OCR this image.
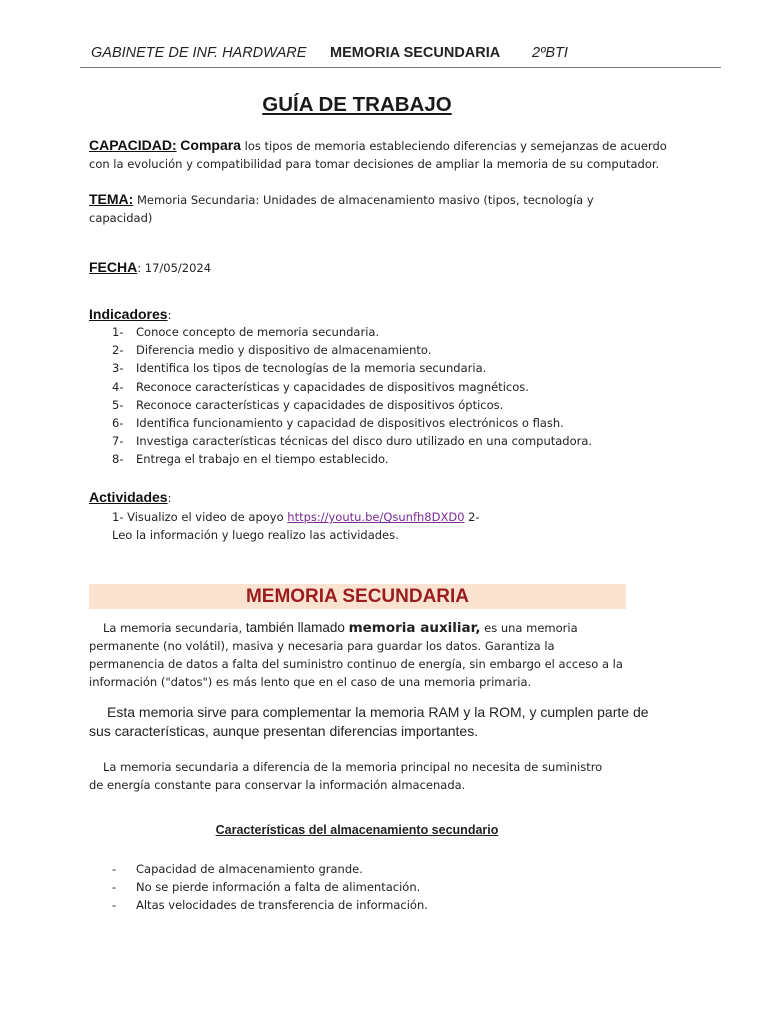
GABINETE DE INF. HARDWARE MEMORIA SECUNDARIA 2ºBTI
GUÍA DE TRABAJO
CAPACIDAD: Compara los tipos de memoria estableciendo diferencias y semejanzas de acuerdo con la evolución y compatibilidad para tomar decisiones de ampliar la memoria de su computador.
TEMA: Memoria Secundaria: Unidades de almacenamiento masivo (tipos, tecnología y capacidad)
FECHA: 17/05/2024
Indicadores:
1- Conoce concepto de memoria secundaria.
2- Diferencia medio y dispositivo de almacenamiento.
3- Identifica los tipos de tecnologías de la memoria secundaria.
4- Reconoce características y capacidades de dispositivos magnéticos.
5- Reconoce características y capacidades de dispositivos ópticos.
6- Identifica funcionamiento y capacidad de dispositivos electrónicos o flash.
7- Investiga características técnicas del disco duro utilizado en una computadora.
8- Entrega el trabajo en el tiempo establecido.
Actividades:
1- Visualizo el video de apoyo https://youtu.be/Qsunfh8DXD0 2-
Leo la información y luego realizo las actividades.
MEMORIA SECUNDARIA
La memoria secundaria, también llamado memoria auxiliar, es una memoria permanente (no volátil), masiva y necesaria para guardar los datos. Garantiza la permanencia de datos a falta del suministro continuo de energía, sin embargo el acceso a la información ("datos") es más lento que en el caso de una memoria primaria.
Esta memoria sirve para complementar la memoria RAM y la ROM, y cumplen parte de sus características, aunque presentan diferencias importantes.
La memoria secundaria a diferencia de la memoria principal no necesita de suministro de energía constante para conservar la información almacenada.
Características del almacenamiento secundario
- Capacidad de almacenamiento grande.
- No se pierde información a falta de alimentación.
- Altas velocidades de transferencia de información.
